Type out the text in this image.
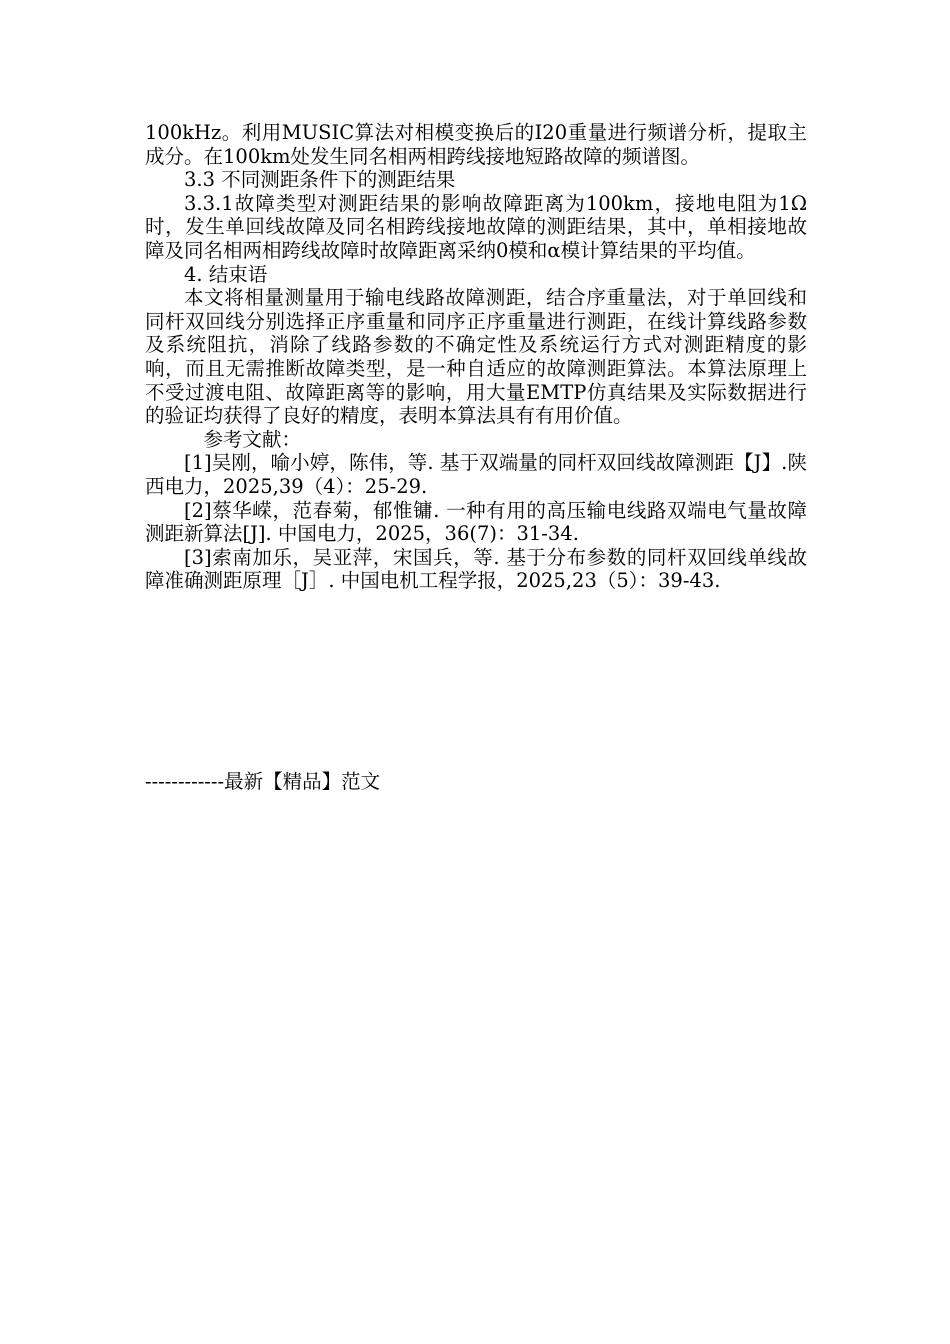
100kHz。利用MUSIC算法对相模变换后的I20重量进行频谱分析，提取主成分。在100km处发生同名相两相跨线接地短路故障的频谱图。

3.3 不同测距条件下的测距结果

3.3.1故障类型对测距结果的影响故障距离为100km，接地电阻为1Ω时，发生单回线故障及同名相跨线接地故障的测距结果，其中，单相接地故障及同名相两相跨线故障时故障距离采纳0模和α模计算结果的平均值。

4. 结束语

本文将相量测量用于输电线路故障测距，结合序重量法，对于单回线和同杆双回线分别选择正序重量和同序正序重量进行测距，在线计算线路参数及系统阻抗，消除了线路参数的不确定性及系统运行方式对测距精度的影响，而且无需推断故障类型，是一种自适应的故障测距算法。本算法原理上不受过渡电阻、故障距离等的影响，用大量EMTP仿真结果及实际数据进行的验证均获得了良好的精度，表明本算法具有有用价值。

参考文献：

[1]吴刚，喻小婷，陈伟，等. 基于双端量的同杆双回线故障测距【J】.陕西电力，2025,39（4）：25-29.

[2]蔡华嵘，范春菊，郁惟镛. 一种有用的高压输电线路双端电气量故障测距新算法[J]. 中国电力，2025，36(7)：31-34.

[3]索南加乐，吴亚萍，宋国兵，等. 基于分布参数的同杆双回线单线故障准确测距原理［J］. 中国电机工程学报，2025,23（5）：39-43.

------------最新【精品】范文
